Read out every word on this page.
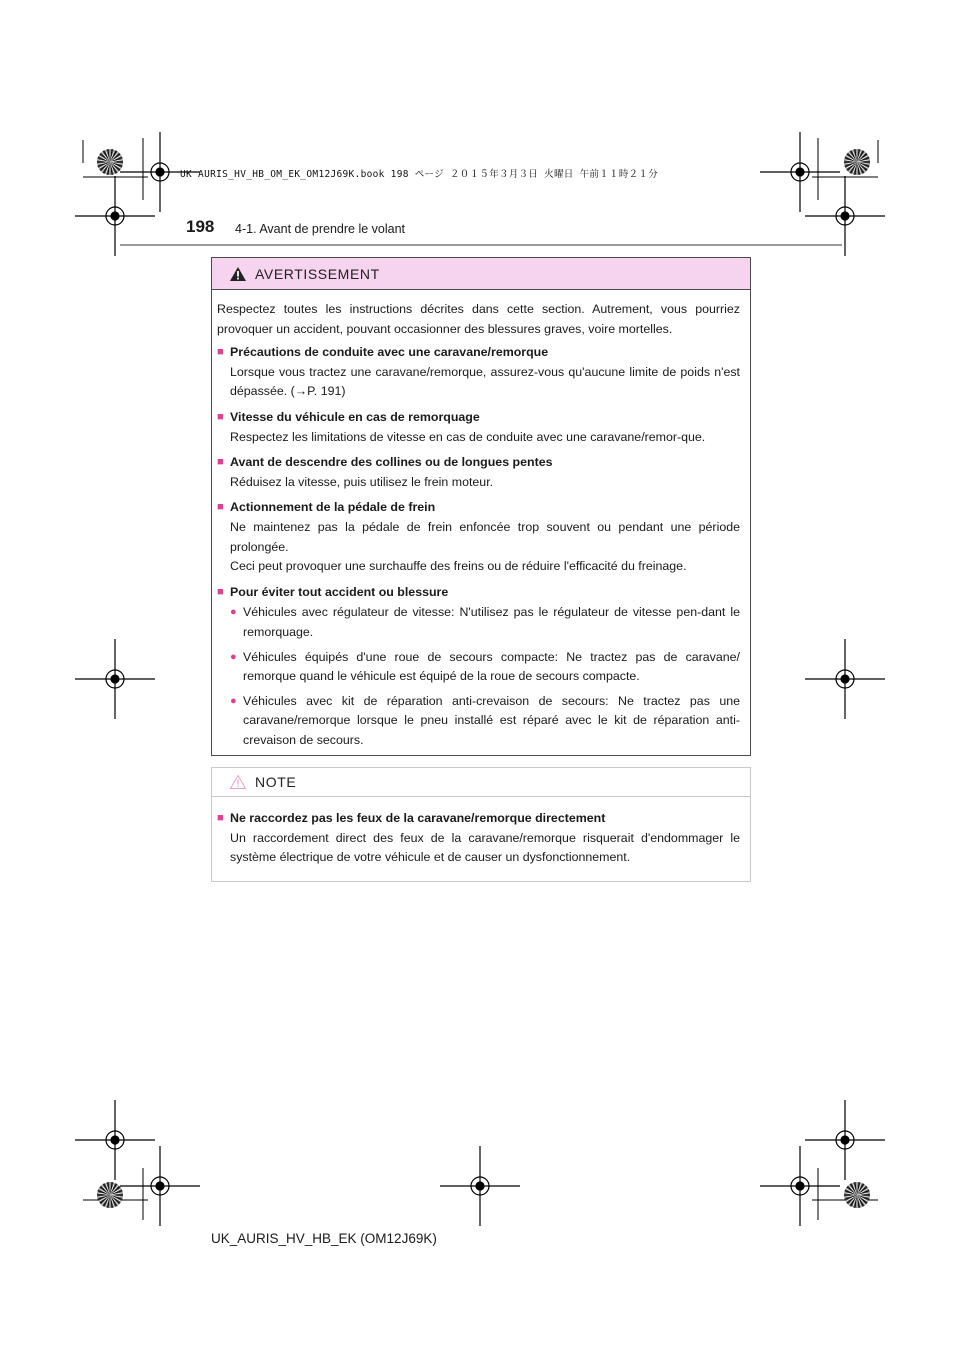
UK AURIS_HV_HB_OM_EK_OM12J69K.book 198 ページ ２０１５年３月３日 火曜日 午前１１時２１分
198 4-1. Avant de prendre le volant
AVERTISSEMENT

Respectez toutes les instructions décrites dans cette section. Autrement, vous pourriez provoquer un accident, pouvant occasionner des blessures graves, voire mortelles.

■ Précautions de conduite avec une caravane/remorque

Lorsque vous tractez une caravane/remorque, assurez-vous qu'aucune limite de poids n'est dépassée. (→P. 191)

■ Vitesse du véhicule en cas de remorquage

Respectez les limitations de vitesse en cas de conduite avec une caravane/remor-que.

■ Avant de descendre des collines ou de longues pentes

Réduisez la vitesse, puis utilisez le frein moteur.

■ Actionnement de la pédale de frein

Ne maintenez pas la pédale de frein enfoncée trop souvent ou pendant une période prolongée.

Ceci peut provoquer une surchauffe des freins ou de réduire l'efficacité du freinage.

■ Pour éviter tout accident ou blessure

● Véhicules avec régulateur de vitesse: N'utilisez pas le régulateur de vitesse pen-dant le remorquage.

● Véhicules équipés d'une roue de secours compacte: Ne tractez pas de caravane/ remorque quand le véhicule est équipé de la roue de secours compacte.

● Véhicules avec kit de réparation anti-crevaison de secours: Ne tractez pas une caravane/remorque lorsque le pneu installé est réparé avec le kit de réparation anti-crevaison de secours.

NOTE
■ Ne raccordez pas les feux de la caravane/remorque directement

Un raccordement direct des feux de la caravane/remorque risquerait d'endommager le système électrique de votre véhicule et de causer un dysfonctionnement.

UK_AURIS_HV_HB_EK (OM12J69K)
